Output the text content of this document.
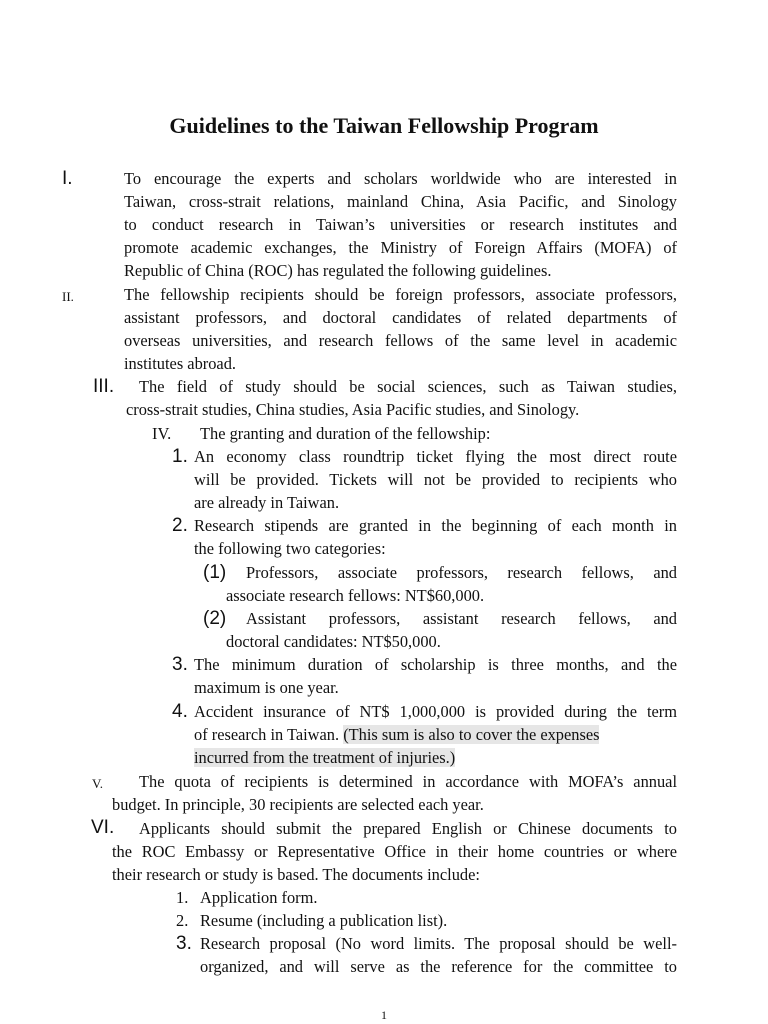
Guidelines to the Taiwan Fellowship Program
I.	To encourage the experts and scholars worldwide who are interested in
Taiwan, cross-strait relations, mainland China, Asia Pacific, and Sinology
to conduct research in Taiwan’s universities or research institutes and
promote academic exchanges, the Ministry of Foreign Affairs (MOFA) of
Republic of China (ROC) has regulated the following guidelines.
II.	The fellowship recipients should be foreign professors, associate professors,
assistant professors, and doctoral candidates of related departments of
overseas universities, and research fellows of the same level in academic
institutes abroad.
III. The field of study should be social sciences, such as Taiwan studies,
cross-strait studies, China studies, Asia Pacific studies, and Sinology.
IV. The granting and duration of the fellowship:
1. An economy class roundtrip ticket flying the most direct route
will be provided. Tickets will not be provided to recipients who
are already in Taiwan.
2. Research stipends are granted in the beginning of each month in
the following two categories:
(1) Professors, associate professors, research fellows, and
associate research fellows: NT$60,000.
(2) Assistant professors, assistant research fellows, and
doctoral candidates: NT$50,000.
3. The minimum duration of scholarship is three months, and the
maximum is one year.
4. Accident insurance of NT$ 1,000,000 is provided during the term
of research in Taiwan. (This sum is also to cover the expenses
incurred from the treatment of injuries.)
V. The quota of recipients is determined in accordance with MOFA’s annual
budget. In principle, 30 recipients are selected each year.
VI. Applicants should submit the prepared English or Chinese documents to
the ROC Embassy or Representative Office in their home countries or where
their research or study is based. The documents include:
1. Application form.
2. Resume (including a publication list).
3. Research proposal (No word limits. The proposal should be well-
organized, and will serve as the reference for the committee to
1
